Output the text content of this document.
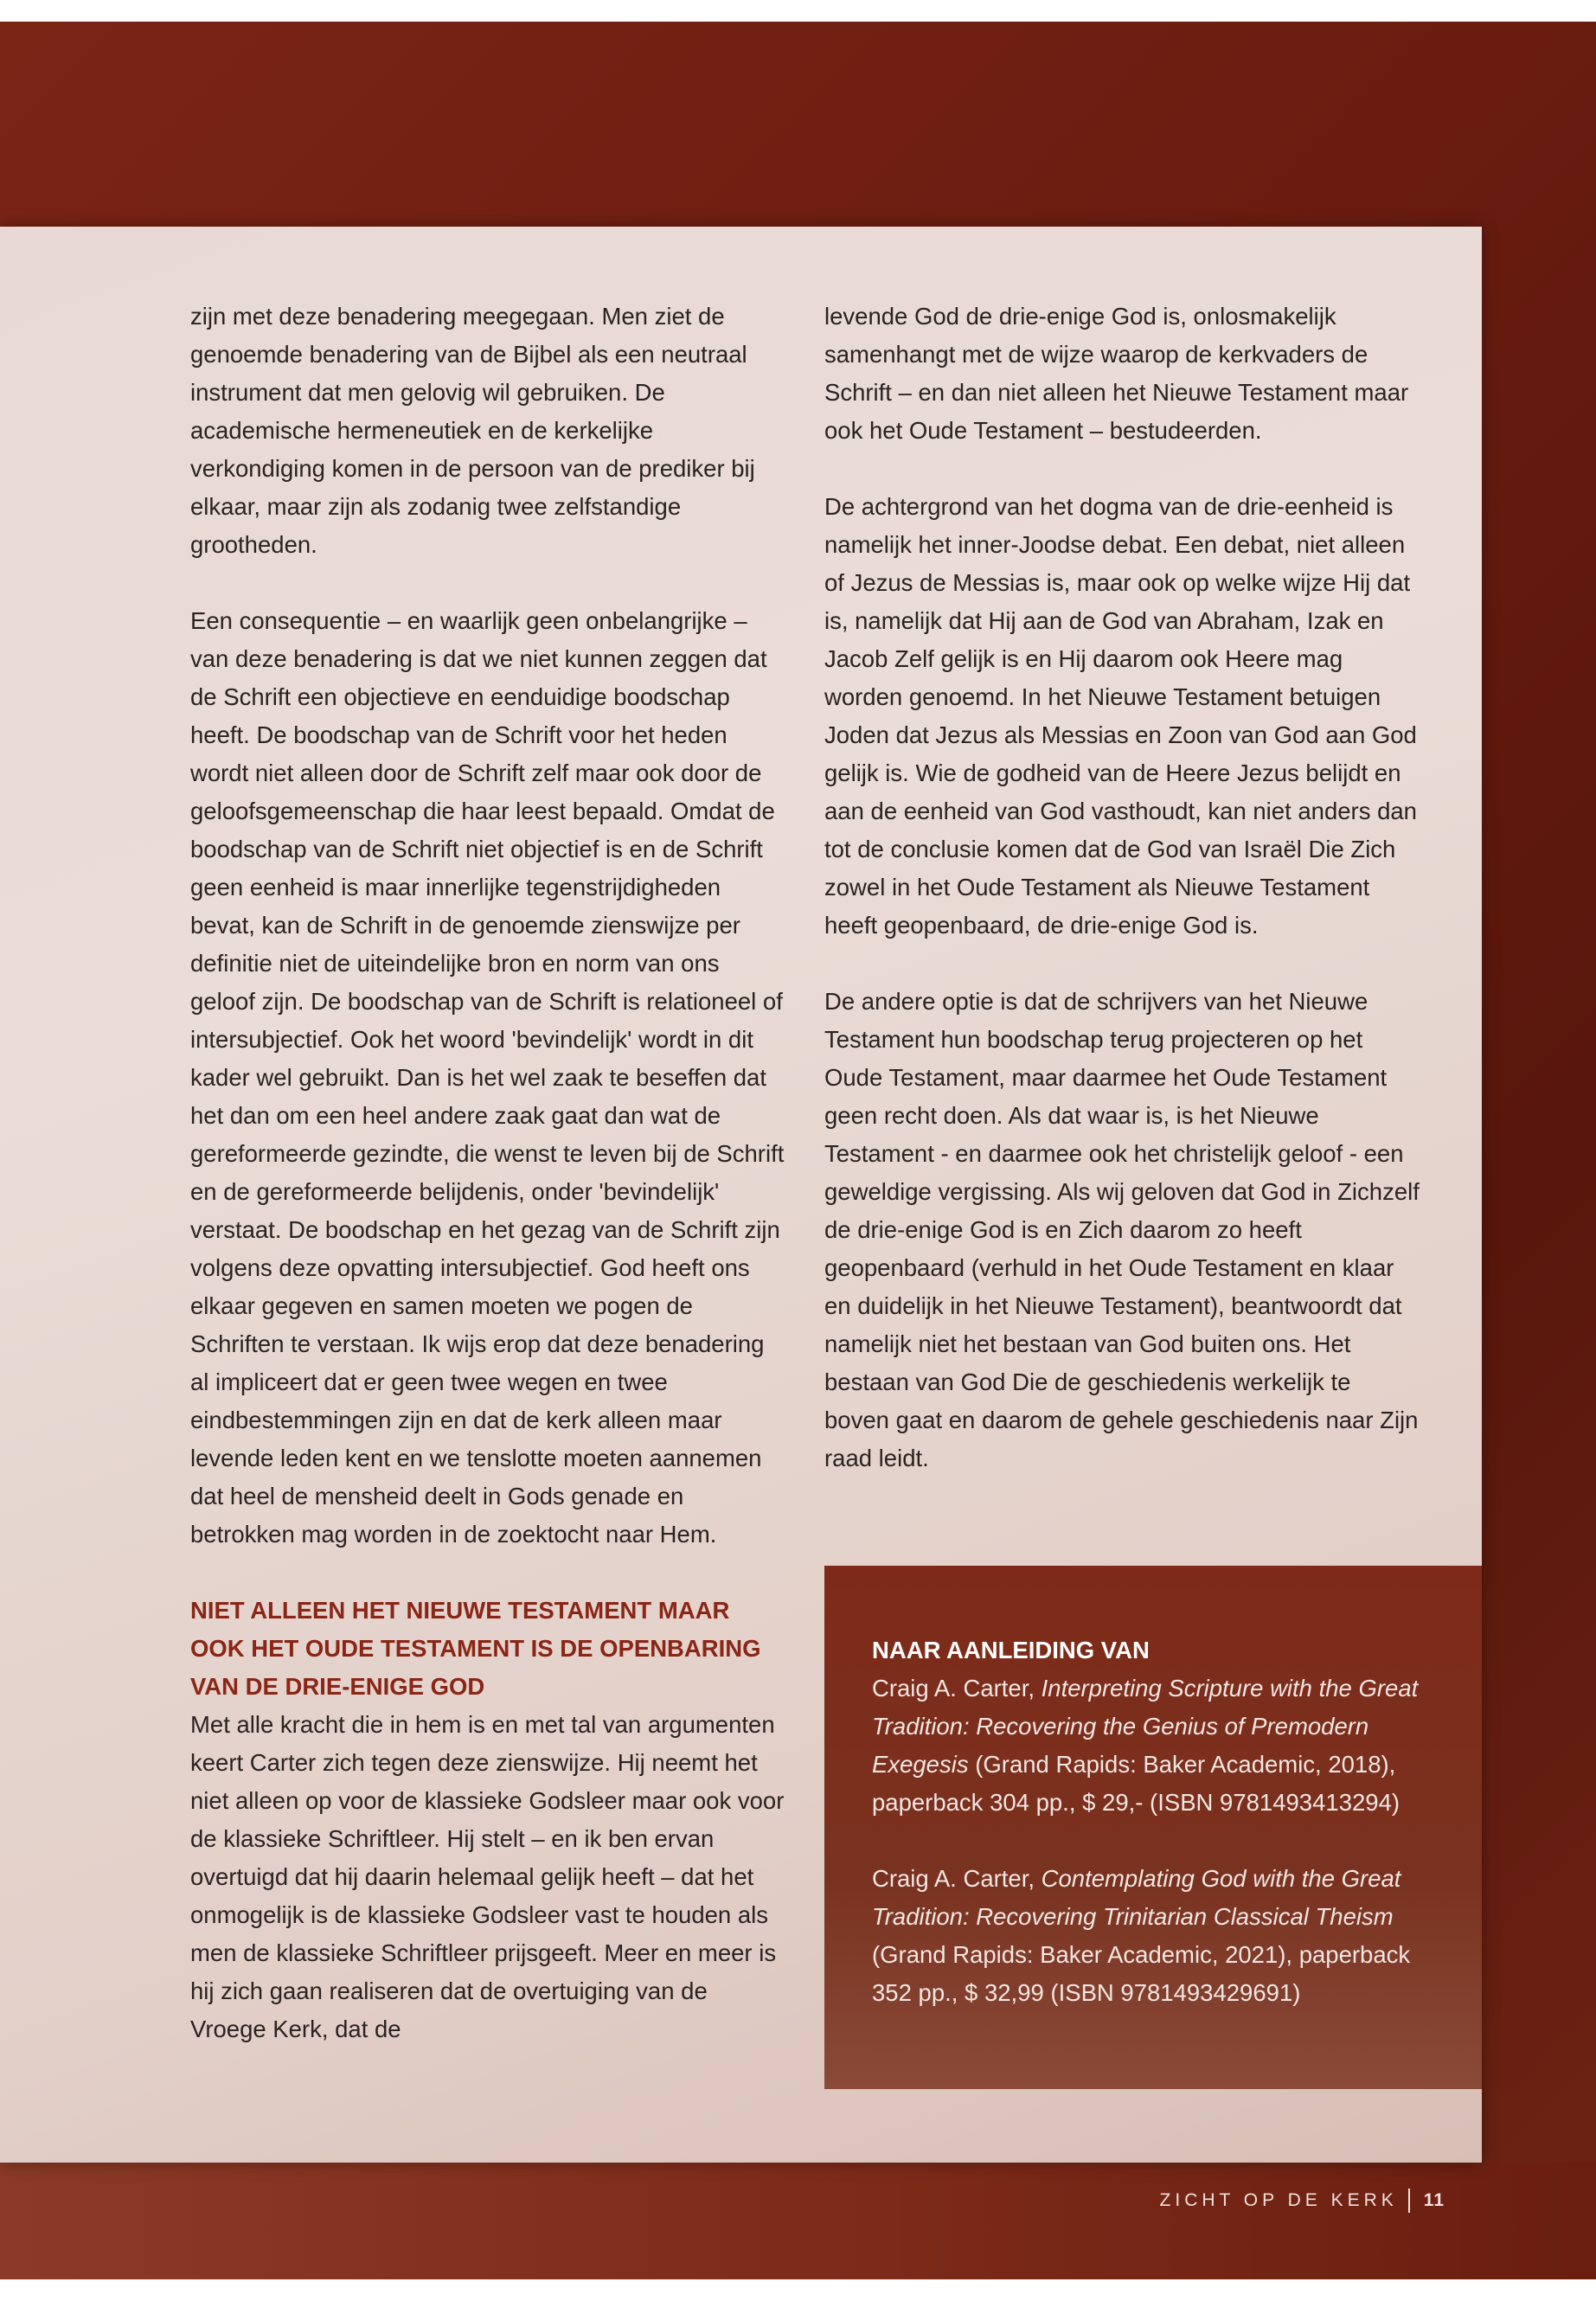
zijn met deze benadering meegegaan. Men ziet de genoemde benadering van de Bijbel als een neutraal instrument dat men gelovig wil gebruiken. De academische hermeneutiek en de kerkelijke verkondiging komen in de persoon van de prediker bij elkaar, maar zijn als zodanig twee zelfstandige grootheden.

Een consequentie – en waarlijk geen onbelangrijke – van deze benadering is dat we niet kunnen zeggen dat de Schrift een objectieve en eenduidige boodschap heeft. De boodschap van de Schrift voor het heden wordt niet alleen door de Schrift zelf maar ook door de geloofsgemeenschap die haar leest bepaald. Omdat de boodschap van de Schrift niet objectief is en de Schrift geen eenheid is maar innerlijke tegenstrijdigheden bevat, kan de Schrift in de genoemde zienswijze per definitie niet de uiteindelijke bron en norm van ons geloof zijn. De boodschap van de Schrift is relationeel of intersubjectief. Ook het woord 'bevindelijk' wordt in dit kader wel gebruikt. Dan is het wel zaak te beseffen dat het dan om een heel andere zaak gaat dan wat de gereformeerde gezindte, die wenst te leven bij de Schrift en de gereformeerde belijdenis, onder 'bevindelijk' verstaat. De boodschap en het gezag van de Schrift zijn volgens deze opvatting intersubjectief. God heeft ons elkaar gegeven en samen moeten we pogen de Schriften te verstaan. Ik wijs erop dat deze benadering al impliceert dat er geen twee wegen en twee eindbestemmingen zijn en dat de kerk alleen maar levende leden kent en we tenslotte moeten aannemen dat heel de mensheid deelt in Gods genade en betrokken mag worden in de zoektocht naar Hem.

NIET ALLEEN HET NIEUWE TESTAMENT MAAR
OOK HET OUDE TESTAMENT IS DE OPENBARING
VAN DE DRIE-ENIGE GOD

Met alle kracht die in hem is en met tal van argumenten keert Carter zich tegen deze zienswijze. Hij neemt het niet alleen op voor de klassieke Godsleer maar ook voor de klassieke Schriftleer. Hij stelt – en ik ben ervan overtuigd dat hij daarin helemaal gelijk heeft – dat het onmogelijk is de klassieke Godsleer vast te houden als men de klassieke Schriftleer prijsgeeft. Meer en meer is hij zich gaan realiseren dat de overtuiging van de Vroege Kerk, dat de

levende God de drie-enige God is, onlosmakelijk samenhangt met de wijze waarop de kerkvaders de Schrift – en dan niet alleen het Nieuwe Testament maar ook het Oude Testament – bestudeerden.

De achtergrond van het dogma van de drie-eenheid is namelijk het inner-Joodse debat. Een debat, niet alleen of Jezus de Messias is, maar ook op welke wijze Hij dat is, namelijk dat Hij aan de God van Abraham, Izak en Jacob Zelf gelijk is en Hij daarom ook Heere mag worden genoemd. In het Nieuwe Testament betuigen Joden dat Jezus als Messias en Zoon van God aan God gelijk is. Wie de godheid van de Heere Jezus belijdt en aan de eenheid van God vasthoudt, kan niet anders dan tot de conclusie komen dat de God van Israël Die Zich zowel in het Oude Testament als Nieuwe Testament heeft geopenbaard, de drie-enige God is.

De andere optie is dat de schrijvers van het Nieuwe Testament hun boodschap terug projecteren op het Oude Testament, maar daarmee het Oude Testament geen recht doen. Als dat waar is, is het Nieuwe Testament - en daarmee ook het christelijk geloof - een geweldige vergissing. Als wij geloven dat God in Zichzelf de drie-enige God is en Zich daarom zo heeft geopenbaard (verhuld in het Oude Testament en klaar en duidelijk in het Nieuwe Testament), beantwoordt dat namelijk niet het bestaan van God buiten ons. Het bestaan van God Die de geschiedenis werkelijk te boven gaat en daarom de gehele geschiedenis naar Zijn raad leidt.

NAAR AANLEIDING VAN

Craig A. Carter, Interpreting Scripture with the Great Tradition: Recovering the Genius of Premodern Exegesis (Grand Rapids: Baker Academic, 2018), paperback 304 pp., $ 29,- (ISBN 9781493413294)

Craig A. Carter, Contemplating God with the Great Tradition: Recovering Trinitarian Classical Theism (Grand Rapids: Baker Academic, 2021), paperback 352 pp., $ 32,99 (ISBN 9781493429691)

ZICHT OP DE KERK 11
